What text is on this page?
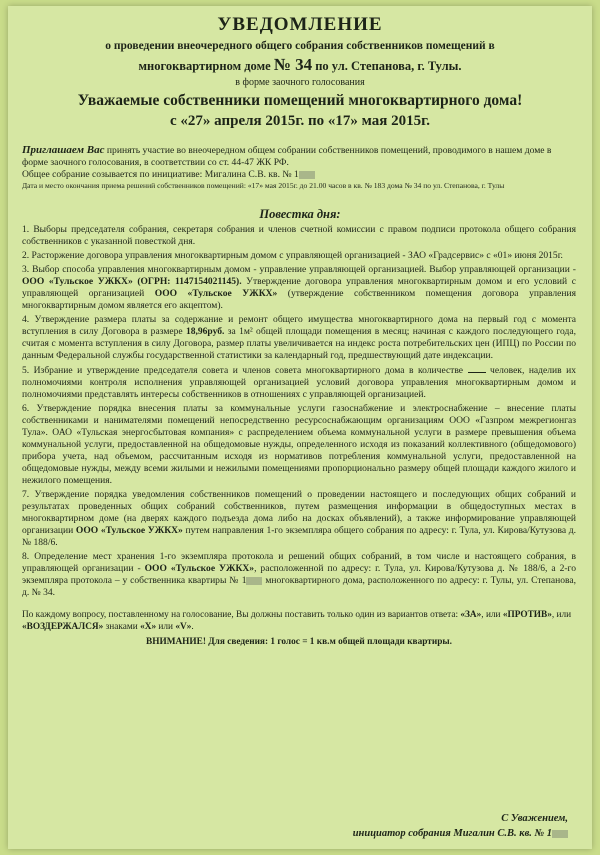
УВЕДОМЛЕНИЕ
о проведении внеочередного общего собрания собственников помещений в
многоквартирном доме № 34 по ул. Степанова, г. Тулы.
в форме заочного голосования
Уважаемые собственники помещений многоквартирного дома!
с «27» апреля 2015г. по «17» мая 2015г.
Приглашаем Вас принять участие во внеочередном общем собрании собственников помещений, проводимого в нашем доме в форме заочного голосования, в соответствии со ст. 44-47 ЖК РФ.
Общее собрание созывается по инициативе: Мигалина С.В. кв. № 1
Дата и место окончания приема решений собственников помещений: «17» мая 2015г. до 21.00 часов в кв. № 183 дома № 34 по ул. Степанова, г. Тулы
Повестка дня:

1. Выборы председателя собрания, секретаря собрания и членов счетной комиссии с правом подписи протокола общего собрания собственников с указанной повесткой дня.

2. Расторжение договора управления многоквартирным домом с управляющей организацией - ЗАО «Градсервис» с «01» июня 2015г.

3. Выбор способа управления многоквартирным домом - управление управляющей организацией. Выбор управляющей организации - ООО «Тульское УЖКХ» (ОГРН: 1147154021145). Утверждение договора управления многоквартирным домом и его условий с управляющей организацией ООО «Тульское УЖКХ» (утверждение собственником помещения договора управления многоквартирным домом является его акцептом).

4. Утверждение размера платы за содержание и ремонт общего имущества многоквартирного дома на первый год с момента вступления в силу Договора в размере 18,96руб. за 1м² общей площади помещения в месяц; начиная с каждого последующего года, считая с момента вступления в силу Договора, размер платы увеличивается на индекс роста потребительских цен (ИПЦ) по России по данным Федеральной службы государственной статистики за календарный год, предшествующий дате индексации.

5. Избрание и утверждение председателя совета и членов совета многоквартирного дома в количестве  человек, наделив их полномочиями контроля исполнения управляющей организацией условий договора управления многоквартирным домом и полномочиями представлять интересы собственников в отношениях с управляющей организацией.

6. Утверждение порядка внесения платы за коммунальные услуги газоснабжение и электроснабжение – внесение платы собственниками и нанимателями помещений непосредственно ресурсоснабжающим организациям ООО «Газпром межрегионгаз Тула». ОАО «Тульская энергосбытовая компания» с распределением объема коммунальной услуги в размере превышения объема коммунальной услуги, предоставленной на общедомовые нужды, определенного исходя из показаний коллективного (общедомового) прибора учета, над объемом, рассчитанным исходя из нормативов потребления коммунальной услуги, предоставленной на общедомовые нужды, между всеми жилыми и нежилыми помещениями пропорционально размеру общей площади каждого жилого и нежилого помещения.

7. Утверждение порядка уведомления собственников помещений о проведении настоящего и последующих общих собраний и результатах проведенных общих собраний собственников, путем размещения информации в общедоступных местах в многоквартирном доме (на дверях каждого подъезда дома либо на досках объявлений), а также информирование управляющей организации ООО «Тульское УЖКХ» путем направления 1-го экземпляра общего собрания по адресу: г. Тула, ул. Кирова/Кутузова д. № 188/6.

8. Определение мест хранения 1-го экземпляра протокола и решений общих собраний, в том числе и настоящего собрания, в управляющей организации - ООО «Тульское УЖКХ», расположенной по адресу: г. Тула, ул. Кирова/Кутузова д. № 188/6, а 2-го экземпляра протокола – у собственника квартиры № 1 многоквартирного дома, расположенного по адресу: г. Тулы, ул. Степанова, д. № 34.

По каждому вопросу, поставленному на голосование, Вы должны поставить только один из вариантов ответа: «ЗА», или «ПРОТИВ», или «ВОЗДЕРЖАЛСЯ» знаками «Х» или «V».
ВНИМАНИЕ! Для сведения: 1 голос = 1 кв.м общей площади квартиры.
С Уважением,
инициатор собрания Мигалин С.В. кв. № 1
